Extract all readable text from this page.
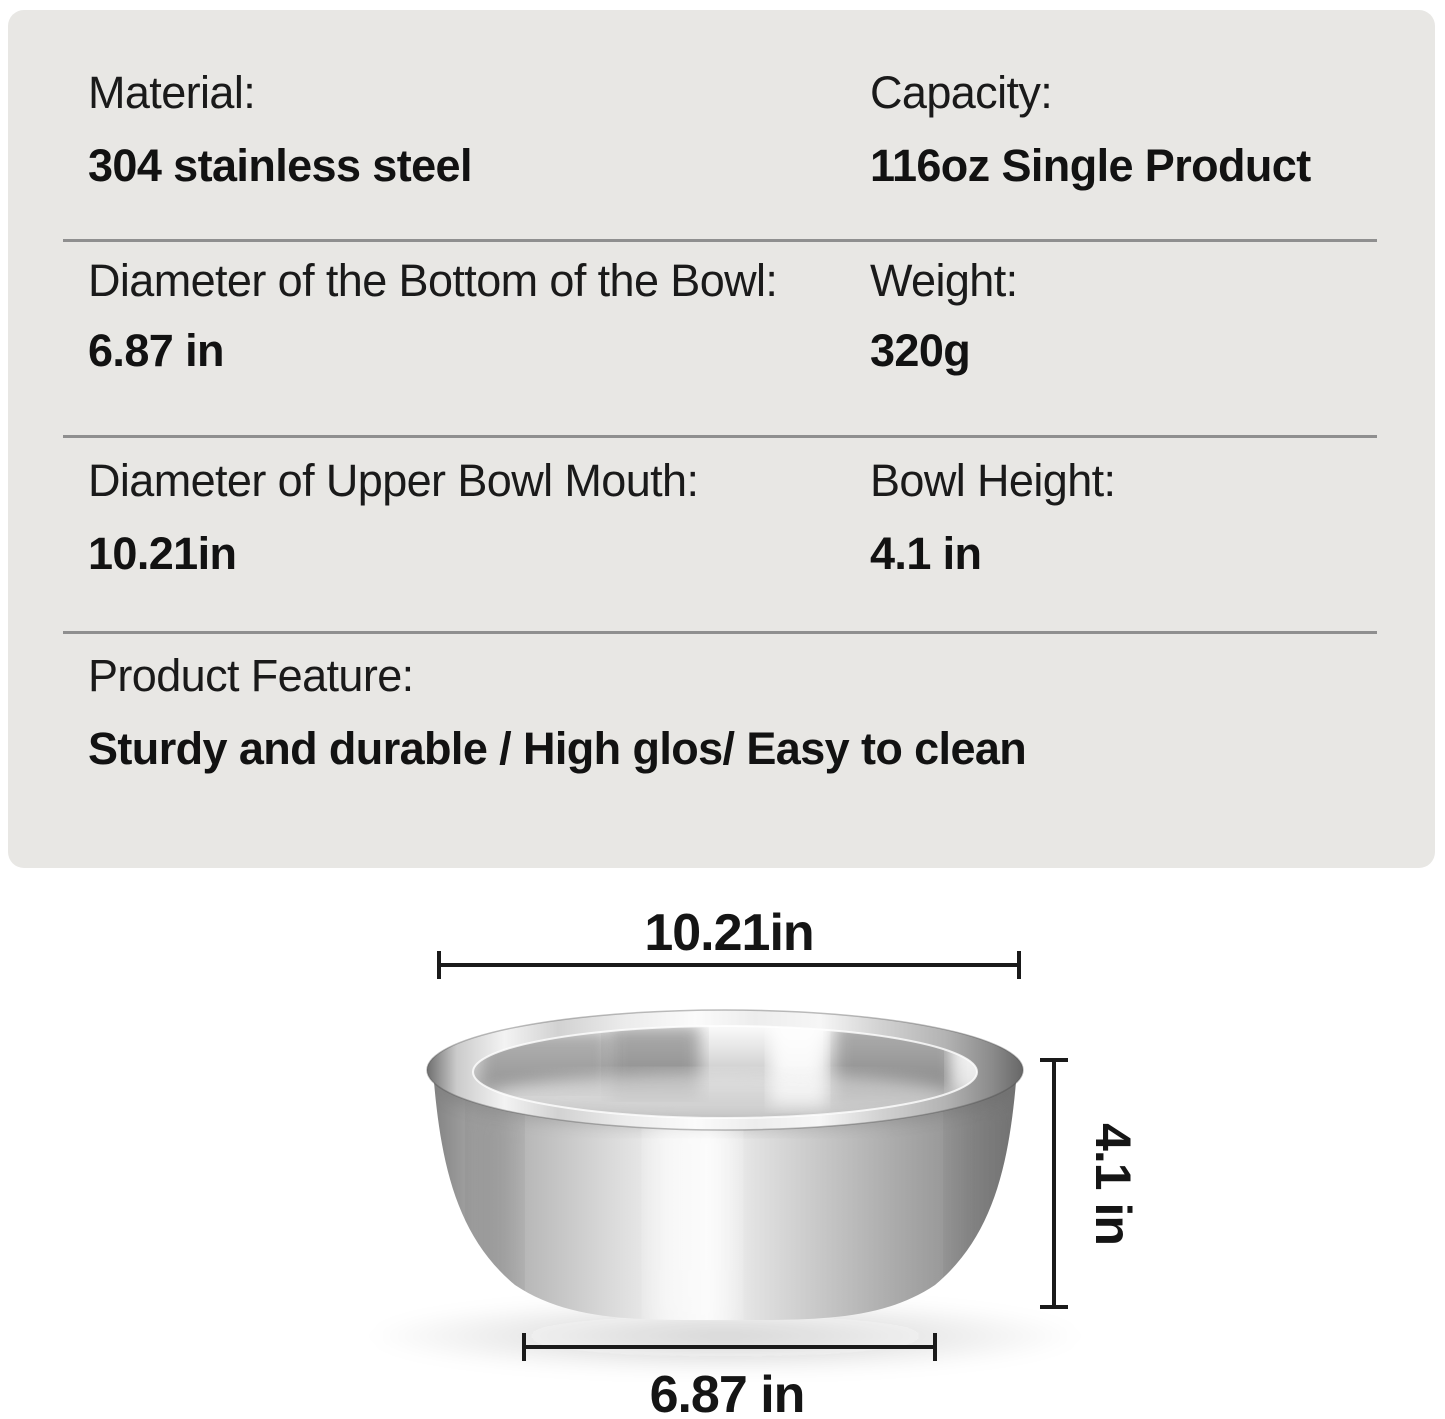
Material:
304 stainless steel
Capacity:
116oz Single Product
Diameter of the Bottom of the Bowl:
6.87 in
Weight:
320g
Diameter of Upper Bowl Mouth:
10.21in
Bowl Height:
4.1 in
Product Feature:
Sturdy and durable / High glos/ Easy to clean
10.21in
4.1 in
6.87 in
